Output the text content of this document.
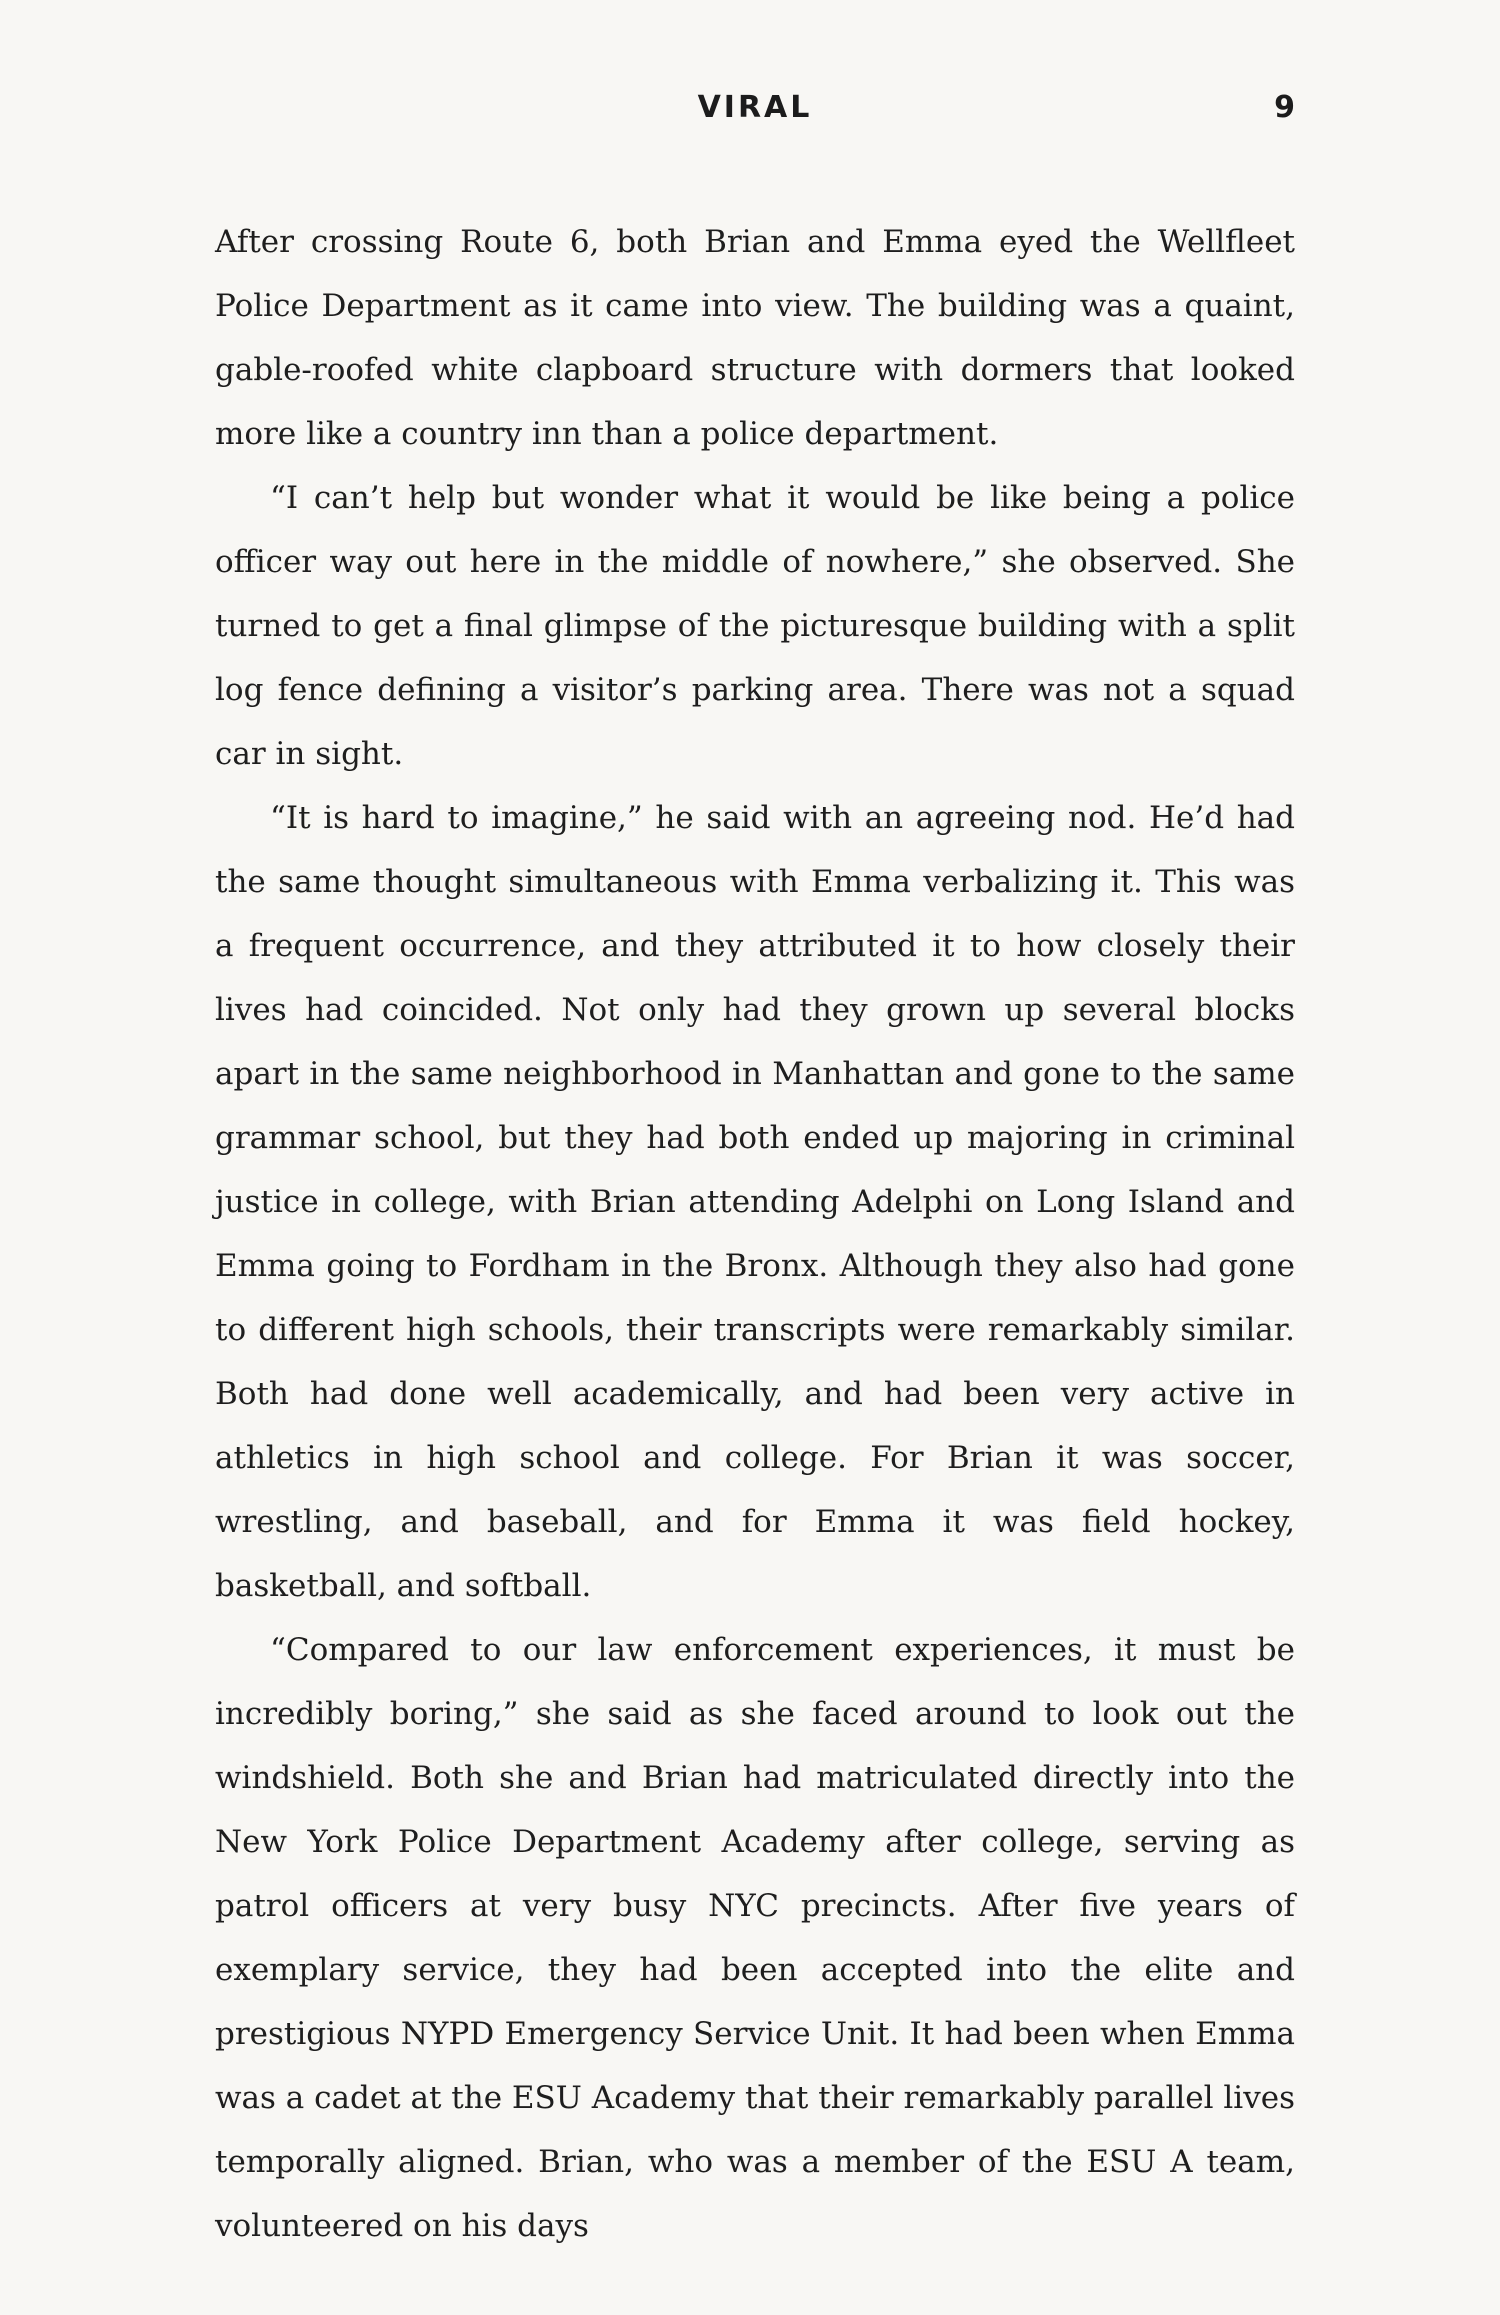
VIRAL	9

After crossing Route 6, both Brian and Emma eyed the Wellfleet Police Department as it came into view. The building was a quaint, gable-roofed white clapboard structure with dormers that looked more like a country inn than a police department.

“I can’t help but wonder what it would be like being a police officer way out here in the middle of nowhere,” she observed. She turned to get a final glimpse of the picturesque building with a split log fence defining a visitor’s parking area. There was not a squad car in sight.

“It is hard to imagine,” he said with an agreeing nod. He’d had the same thought simultaneous with Emma verbalizing it. This was a frequent occurrence, and they attributed it to how closely their lives had coincided. Not only had they grown up several blocks apart in the same neighborhood in Manhattan and gone to the same grammar school, but they had both ended up majoring in criminal justice in college, with Brian attending Adelphi on Long Island and Emma going to Fordham in the Bronx. Although they also had gone to different high schools, their transcripts were remarkably similar. Both had done well academically, and had been very active in athletics in high school and college. For Brian it was soccer, wrestling, and baseball, and for Emma it was field hockey, basketball, and softball.

“Compared to our law enforcement experiences, it must be incredibly boring,” she said as she faced around to look out the windshield. Both she and Brian had matriculated directly into the New York Police Department Academy after college, serving as patrol officers at very busy NYC precincts. After five years of exemplary service, they had been accepted into the elite and prestigious NYPD Emergency Service Unit. It had been when Emma was a cadet at the ESU Academy that their remarkably parallel lives temporally aligned. Brian, who was a member of the ESU A team, volunteered on his days
